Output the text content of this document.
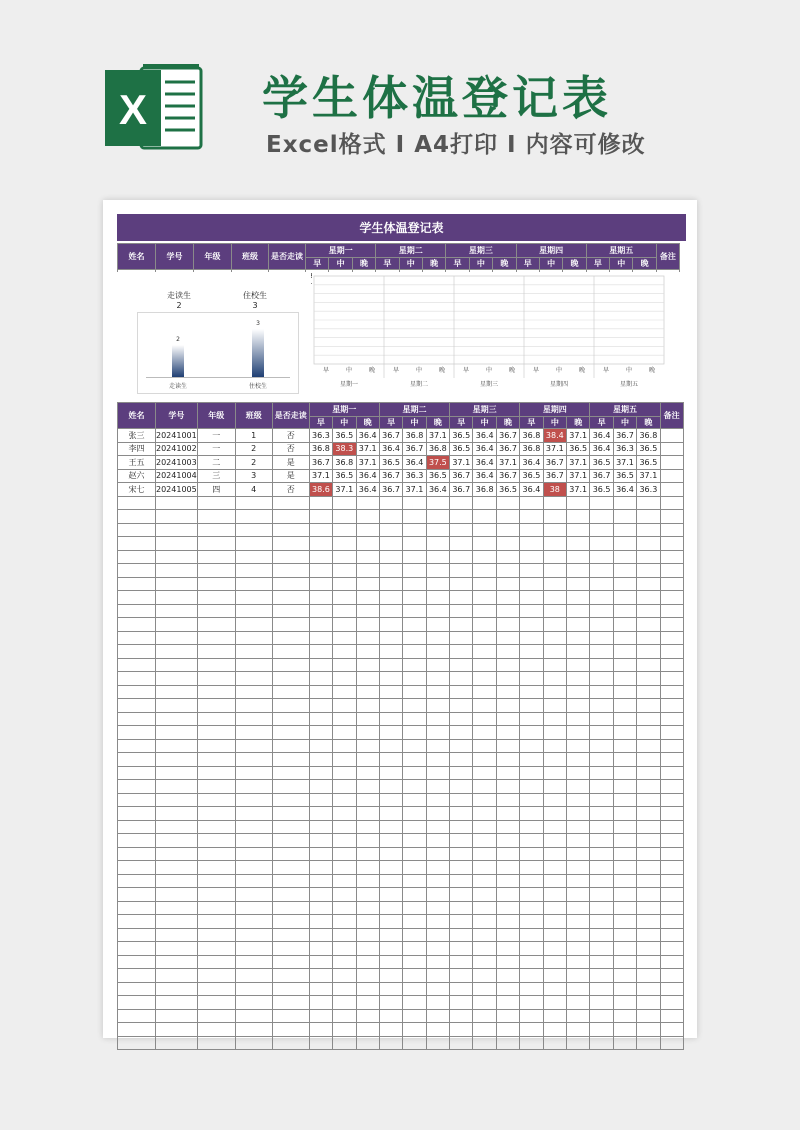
X 学生体温登记表
Excel格式 I A4打印 I 内容可修改
学生体温登记表
姓名	学号	年级	班级	是否走读	星期一			星期二			星期三			星期四			星期五			备注
					早	中	晚	早	中	晚	早	中	晚	早	中	晚	早	中	晚	

走读生
2
住校生
3
2
走读生
3
住校生
早	中	晚
星期一
早	中	晚
星期二
早	中	晚
星期三
早	中	晚
星期四
早	中	晚
星期五
姓名	学号	年级	班级	是否走读	星期一			星期二			星期三			星期四			星期五			备注
					早	中	晚	早	中	晚	早	中	晚	早	中	晚	早	中	晚	
张三	20241001	一	1	否	36.3	36.5	36.4	36.7	36.8	37.1	36.5	36.4	36.7	36.8	38.4	37.1	36.4	36.7	36.8	
李四	20241002	一	2	否	36.8	38.3	37.1	36.4	36.7	36.8	36.5	36.4	36.7	36.8	37.1	36.5	36.4	36.3	36.5	
王五	20241003	二	2	是	36.7	36.8	37.1	36.5	36.4	37.5	37.1	36.4	37.1	36.4	36.7	37.1	36.5	37.1	36.5	
赵六	20241004	三	3	是	37.1	36.5	36.4	36.7	36.3	36.5	36.7	36.4	36.7	36.5	36.7	37.1	36.7	36.5	37.1	
宋七	20241005	四	4	否	38.6	37.1	36.4	36.7	37.1	36.4	36.7	36.8	36.5	36.4	38	37.1	36.5	36.4	36.3	
